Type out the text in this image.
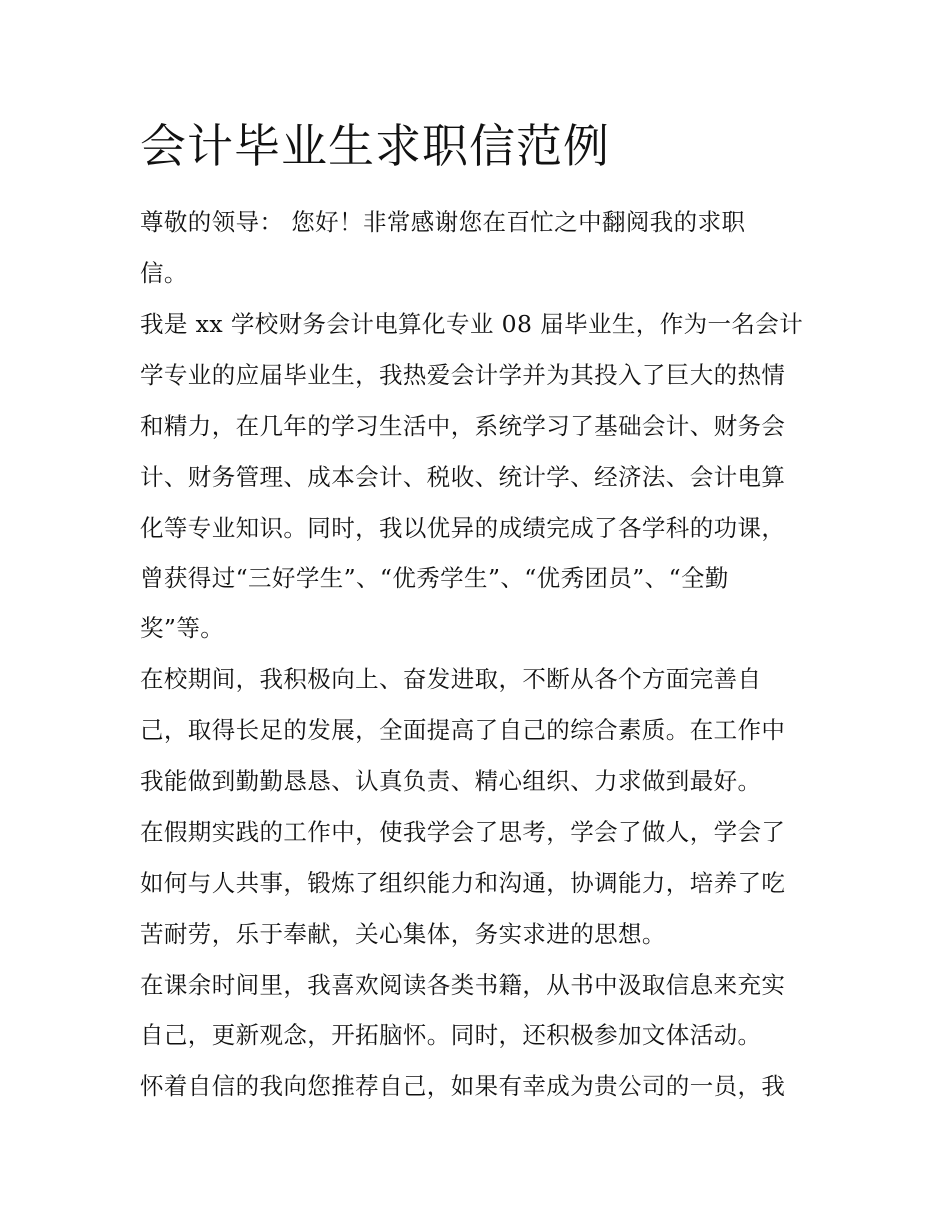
会计毕业生求职信范例
尊敬的领导： 您好！非常感谢您在百忙之中翻阅我的求职
信。
我是 xx 学校财务会计电算化专业 08 届毕业生，作为一名会计
学专业的应届毕业生，我热爱会计学并为其投入了巨大的热情
和精力，在几年的学习生活中，系统学习了基础会计、财务会
计、财务管理、成本会计、税收、统计学、经济法、会计电算
化等专业知识。同时，我以优异的成绩完成了各学科的功课，
曾获得过“三好学生”、“优秀学生”、“优秀团员”、“全勤
奖”等。
在校期间，我积极向上、奋发进取，不断从各个方面完善自
己，取得长足的发展，全面提高了自己的综合素质。在工作中
我能做到勤勤恳恳、认真负责、精心组织、力求做到最好。
在假期实践的工作中，使我学会了思考，学会了做人，学会了
如何与人共事，锻炼了组织能力和沟通，协调能力，培养了吃
苦耐劳，乐于奉献，关心集体，务实求进的思想。
在课余时间里，我喜欢阅读各类书籍，从书中汲取信息来充实
自己，更新观念，开拓脑怀。同时，还积极参加文体活动。
怀着自信的我向您推荐自己，如果有幸成为贵公司的一员，我
